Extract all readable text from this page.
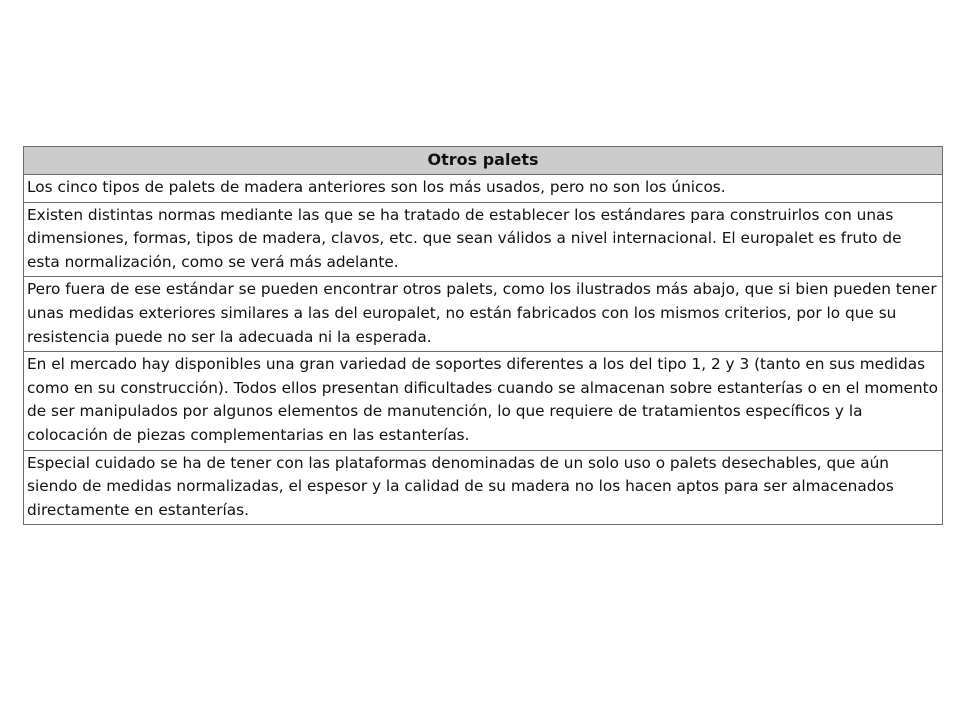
Otros palets
Los cinco tipos de palets de madera anteriores son los más usados, pero no son los únicos.
Existen distintas normas mediante las que se ha tratado de establecer los estándares para construirlos con unas dimensiones, formas, tipos de madera, clavos, etc. que sean válidos a nivel internacional. El europalet es fruto de esta normalización, como se verá más adelante.
Pero fuera de ese estándar se pueden encontrar otros palets, como los ilustrados más abajo, que si bien pueden tener unas medidas exteriores similares a las del europalet, no están fabricados con los mismos criterios, por lo que su resistencia puede no ser la adecuada ni la esperada.
En el mercado hay disponibles una gran variedad de soportes diferentes a los del tipo 1, 2 y 3 (tanto en sus medidas como en su construcción). Todos ellos presentan dificultades cuando se almacenan sobre estanterías o en el momento de ser manipulados por algunos elementos de manutención, lo que requiere de tratamientos específicos y la colocación de piezas complementarias en las estanterías.
Especial cuidado se ha de tener con las plataformas denominadas de un solo uso o palets desechables, que aún siendo de medidas normalizadas, el espesor y la calidad de su madera no los hacen aptos para ser almacenados directamente en estanterías.
